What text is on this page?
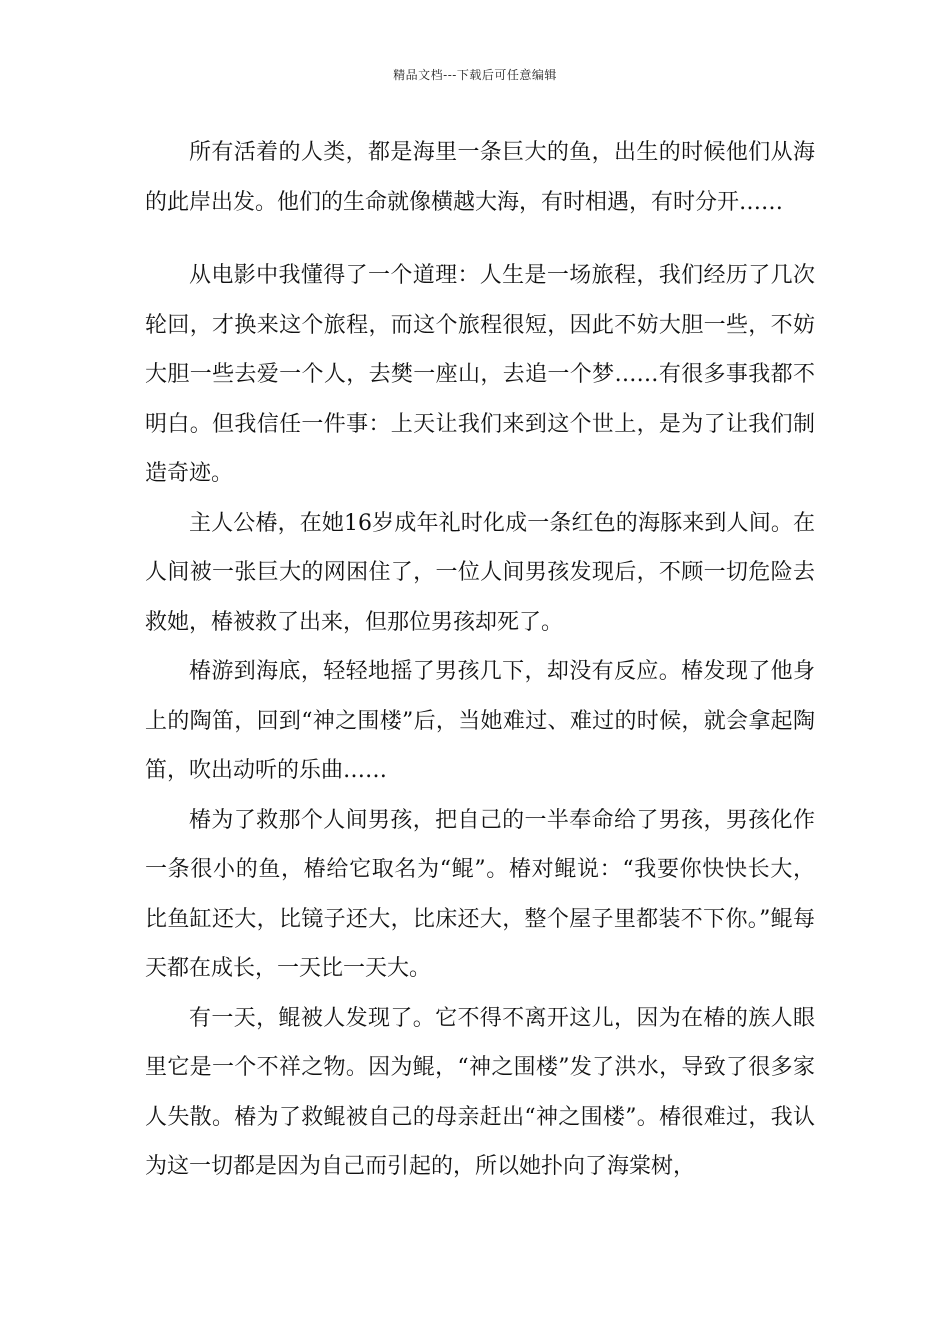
精品文档---下载后可任意编辑

所有活着的人类，都是海里一条巨大的鱼，出生的时候他们从海的此岸出发。他们的生命就像横越大海，有时相遇，有时分开……

从电影中我懂得了一个道理：人生是一场旅程，我们经历了几次轮回，才换来这个旅程，而这个旅程很短，因此不妨大胆一些，不妨大胆一些去爱一个人，去樊一座山，去追一个梦……有很多事我都不明白。但我信任一件事：上天让我们来到这个世上，是为了让我们制造奇迹。

主人公椿，在她16岁成年礼时化成一条红色的海豚来到人间。在人间被一张巨大的网困住了，一位人间男孩发现后，不顾一切危险去救她，椿被救了出来，但那位男孩却死了。

椿游到海底，轻轻地摇了男孩几下，却没有反应。椿发现了他身上的陶笛，回到“神之围楼”后，当她难过、难过的时候，就会拿起陶笛，吹出动听的乐曲……

椿为了救那个人间男孩，把自己的一半奉命给了男孩，男孩化作一条很小的鱼，椿给它取名为“鲲”。椿对鲲说：“我要你快快长大，比鱼缸还大，比镜子还大，比床还大，整个屋子里都装不下你。”鲲每天都在成长，一天比一天大。

有一天，鲲被人发现了。它不得不离开这儿，因为在椿的族人眼里它是一个不祥之物。因为鲲，“神之围楼”发了洪水，导致了很多家人失散。椿为了救鲲被自己的母亲赶出“神之围楼”。椿很难过，我认为这一切都是因为自己而引起的，所以她扑向了海棠树，
